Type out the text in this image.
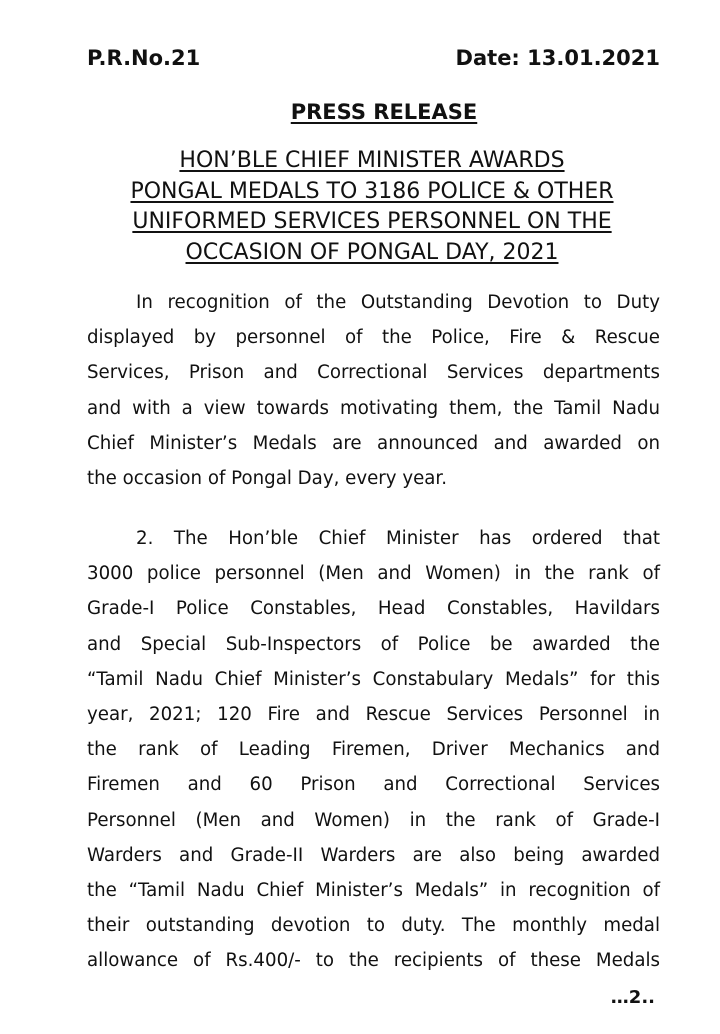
P.R.No.21	Date: 13.01.2021
PRESS RELEASE
HON’BLE CHIEF MINISTER AWARDS
PONGAL MEDALS TO 3186 POLICE & OTHER
UNIFORMED SERVICES PERSONNEL ON THE
OCCASION OF PONGAL DAY, 2021
In recognition of the Outstanding Devotion to Duty
displayed by personnel of the Police, Fire & Rescue
Services, Prison and Correctional Services departments
and with a view towards motivating them, the Tamil Nadu
Chief Minister’s Medals are announced and awarded on
the occasion of Pongal Day, every year.
2. The Hon’ble Chief Minister has ordered that
3000 police personnel (Men and Women) in the rank of
Grade-I Police Constables, Head Constables, Havildars
and Special Sub-Inspectors of Police be awarded the
“Tamil Nadu Chief Minister’s Constabulary Medals” for this
year, 2021; 120 Fire and Rescue Services Personnel in
the rank of Leading Firemen, Driver Mechanics and
Firemen and 60 Prison and Correctional Services
Personnel (Men and Women) in the rank of Grade-I
Warders and Grade-II Warders are also being awarded
the “Tamil Nadu Chief Minister’s Medals” in recognition of
their outstanding devotion to duty. The monthly medal
allowance of Rs.400/- to the recipients of these Medals
…2..
